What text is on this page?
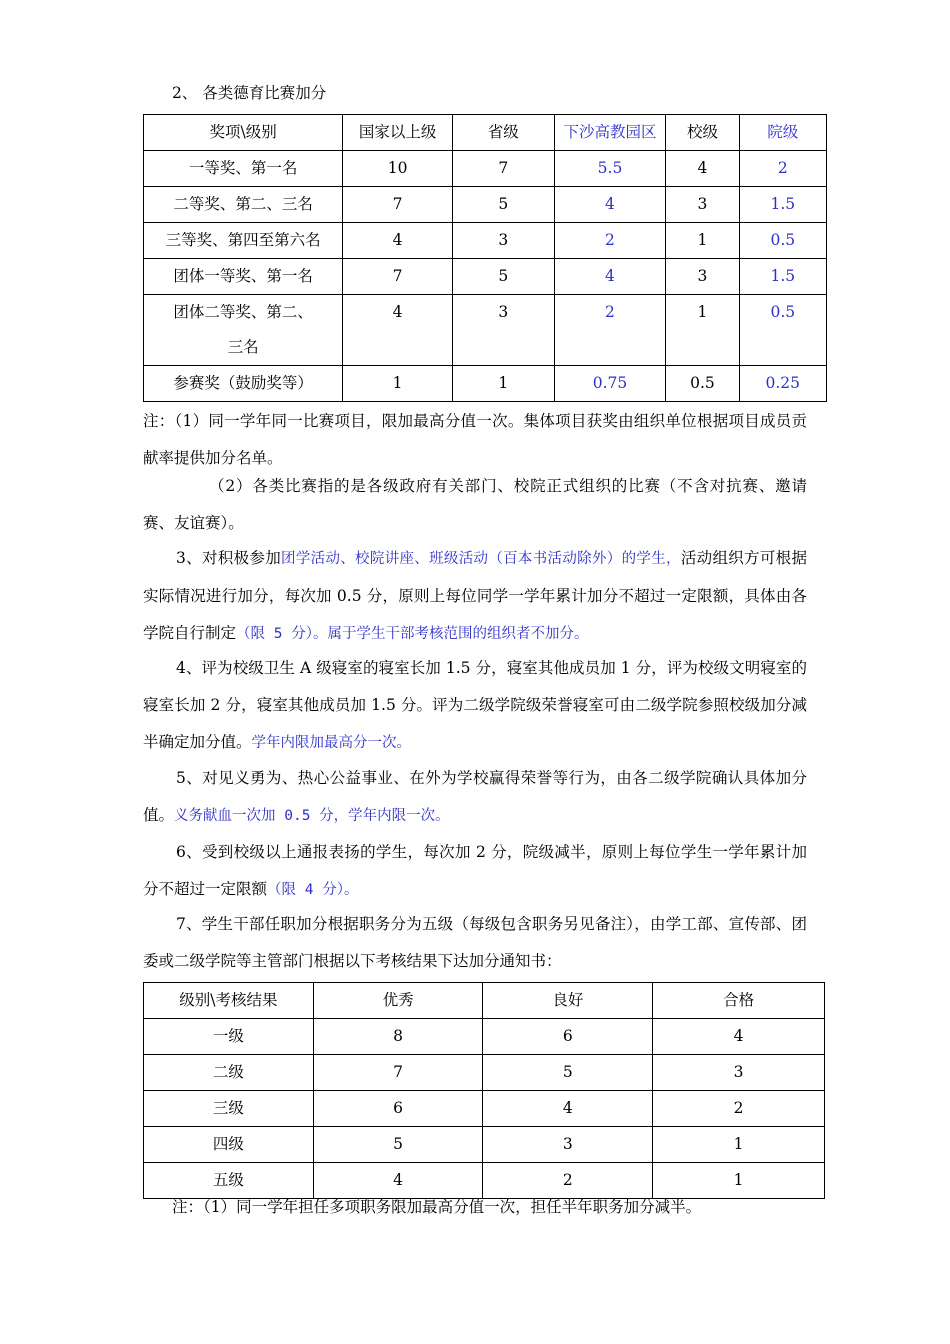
2、 各类德育比赛加分
奖项\级别	国家以上级	省级	下沙高教园区	校级	院级
一等奖、第一名	10	7	5.5	4	2
二等奖、第二、三名	7	5	4	3	1.5
三等奖、第四至第六名	4	3	2	1	0.5
团体一等奖、第一名	7	5	4	3	1.5
团体二等奖、第二、三名	4	3	2	1	0.5
参赛奖（鼓励奖等）	1	1	0.75	0.5	0.25
注：（1）同一学年同一比赛项目，限加最高分值一次。集体项目获奖由组织单位根据项目成员贡献率提供加分名单。
（2）各类比赛指的是各级政府有关部门、校院正式组织的比赛（不含对抗赛、邀请赛、友谊赛）。
3、对积极参加团学活动、校院讲座、班级活动（百本书活动除外）的学生，活动组织方可根据实际情况进行加分，每次加 0.5 分，原则上每位同学一学年累计加分不超过一定限额，具体由各学院自行制定（限 5 分）。属于学生干部考核范围的组织者不加分。
4、评为校级卫生 A 级寝室的寝室长加 1.5 分，寝室其他成员加 1 分，评为校级文明寝室的寝室长加 2 分，寝室其他成员加 1.5 分。评为二级学院级荣誉寝室可由二级学院参照校级加分减半确定加分值。学年内限加最高分一次。
5、对见义勇为、热心公益事业、在外为学校赢得荣誉等行为，由各二级学院确认具体加分值。义务献血一次加 0.5 分，学年内限一次。
6、受到校级以上通报表扬的学生，每次加 2 分，院级减半，原则上每位学生一学年累计加分不超过一定限额（限 4 分）。
7、学生干部任职加分根据职务分为五级（每级包含职务另见备注），由学工部、宣传部、团委或二级学院等主管部门根据以下考核结果下达加分通知书：
级别\考核结果	优秀	良好	合格
一级	8	6	4
二级	7	5	3
三级	6	4	2
四级	5	3	1
五级	4	2	1
注：（1）同一学年担任多项职务限加最高分值一次，担任半年职务加分减半。
